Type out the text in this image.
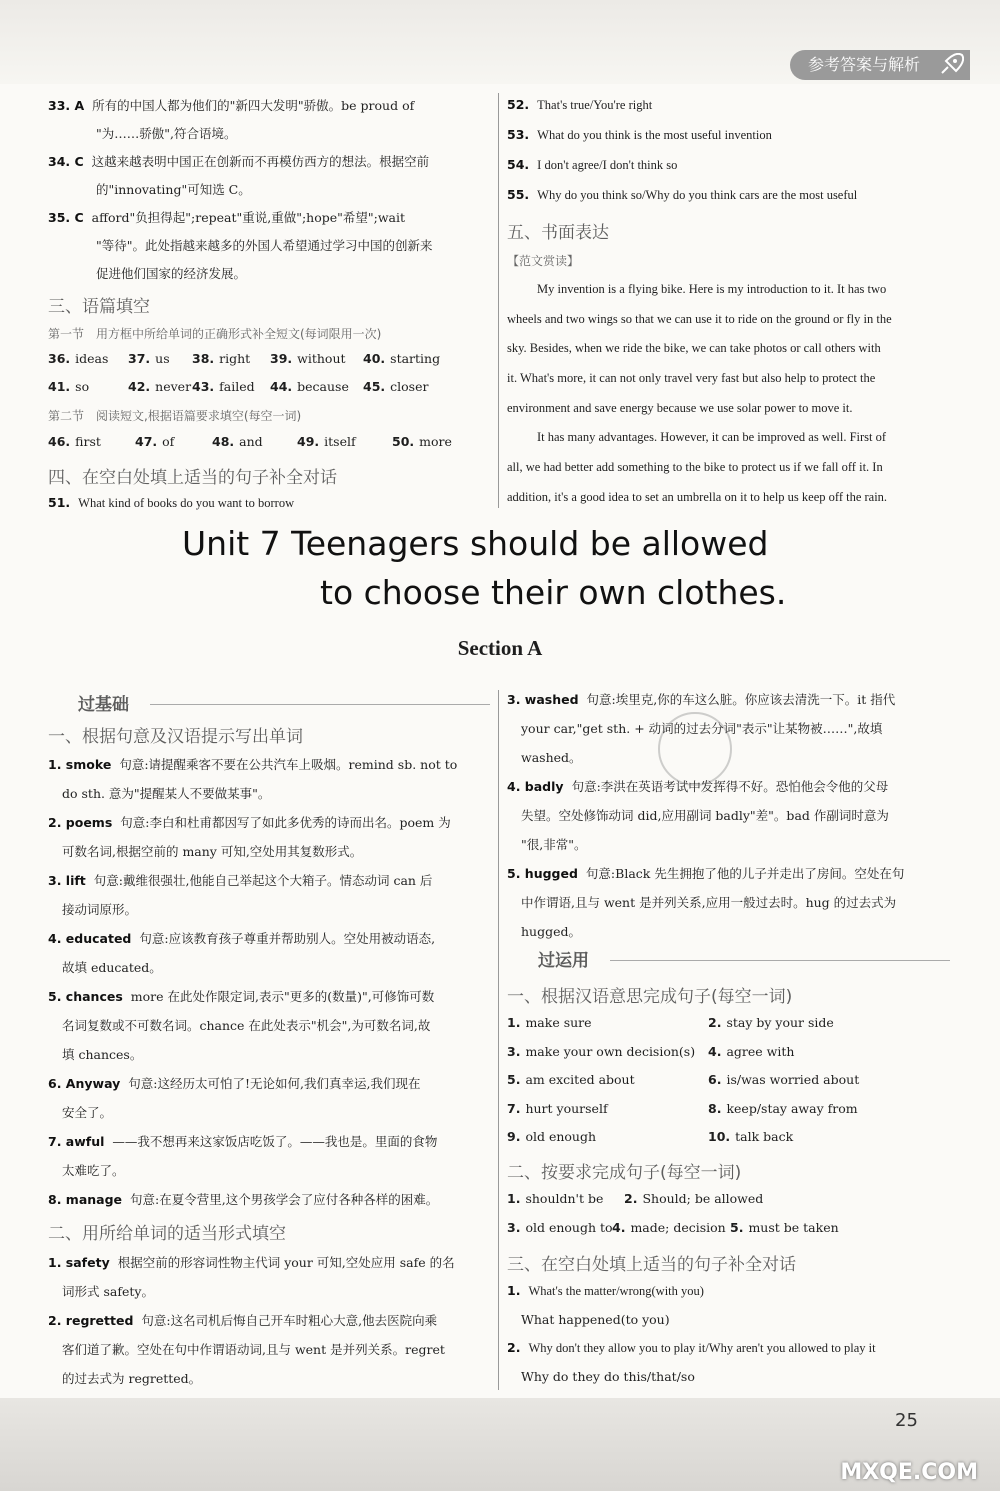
参考答案与解析
33. A 所有的中国人都为他们的"新四大发明"骄傲。be proud of
"为……骄傲",符合语境。
34. C 这越来越表明中国正在创新而不再模仿西方的想法。根据空前
的"innovating"可知选 C。
35. C afford"负担得起";repeat"重说,重做";hope"希望";wait
"等待"。此处指越来越多的外国人希望通过学习中国的创新来
促进他们国家的经济发展。
三、语篇填空
第一节　用方框中所给单词的正确形式补全短文(每词限用一次)
36. ideas 37. us 38. right 39. without 40. starting
41. so	42. never 43. failed 44. because 45. closer
第二节　阅读短文,根据语篇要求填空(每空一词)
46. first	47. of	48. and	49. itself	50. more
四、在空白处填上适当的句子补全对话
51. What kind of books do you want to borrow
52. That's true/You're right
53. What do you think is the most useful invention
54. I don't agree/I don't think so
55. Why do you think so/Why do you think cars are the most useful
五、书面表达
【范文赏读】
My invention is a flying bike. Here is my introduction to it. It has two
wheels and two wings so that we can use it to ride on the ground or fly in the
sky. Besides, when we ride the bike, we can take photos or call others with
it. What's more, it can not only travel very fast but also help to protect the
environment and save energy because we use solar power to move it.
It has many advantages. However, it can be improved as well. First of
all, we had better add something to the bike to protect us if we fall off it. In
addition, it's a good idea to set an umbrella on it to help us keep off the rain.
Unit 7 Teenagers should be allowed
to choose their own clothes.
Section A
过基础
一、根据句意及汉语提示写出单词
1. smoke 句意:请提醒乘客不要在公共汽车上吸烟。remind sb. not to
do sth. 意为"提醒某人不要做某事"。
2. poems 句意:李白和杜甫都因写了如此多优秀的诗而出名。poem 为
可数名词,根据空前的 many 可知,空处用其复数形式。
3. lift 句意:戴维很强壮,他能自己举起这个大箱子。情态动词 can 后
接动词原形。
4. educated 句意:应该教育孩子尊重并帮助别人。空处用被动语态,
故填 educated。
5. chances more 在此处作限定词,表示"更多的(数量)",可修饰可数
名词复数或不可数名词。chance 在此处表示"机会",为可数名词,故
填 chances。
6. Anyway 句意:这经历太可怕了!无论如何,我们真幸运,我们现在
安全了。
7. awful ——我不想再来这家饭店吃饭了。——我也是。里面的食物
太难吃了。
8. manage 句意:在夏令营里,这个男孩学会了应付各种各样的困难。
二、用所给单词的适当形式填空
1. safety 根据空前的形容词性物主代词 your 可知,空处应用 safe 的名
词形式 safety。
2. regretted 句意:这名司机后悔自己开车时粗心大意,他去医院向乘
客们道了歉。空处在句中作谓语动词,且与 went 是并列关系。regret
的过去式为 regretted。
3. washed 句意:埃里克,你的车这么脏。你应该去清洗一下。it 指代
your car,"get sth. + 动词的过去分词"表示"让某物被……",故填
washed。
4. badly 句意:李洪在英语考试中发挥得不好。恐怕他会令他的父母
失望。空处修饰动词 did,应用副词 badly"差"。bad 作副词时意为
"很,非常"。
5. hugged 句意:Black 先生拥抱了他的儿子并走出了房间。空处在句
中作谓语,且与 went 是并列关系,应用一般过去时。hug 的过去式为
hugged。
过运用
一、根据汉语意思完成句子(每空一词)
1. make sure	2. stay by your side
3. make your own decision(s) 4. agree with
5. am excited about	6. is/was worried about
7. hurt yourself	8. keep/stay away from
9. old enough	10. talk back
二、按要求完成句子(每空一词)
1. shouldn't be 2. Should; be allowed
3. old enough to 4. made; decision 5. must be taken
三、在空白处填上适当的句子补全对话
1. What's the matter/wrong(with you)
What happened(to you)
2. Why don't they allow you to play it/Why aren't you allowed to play it
Why do they do this/that/so
25
MXQE.COM
